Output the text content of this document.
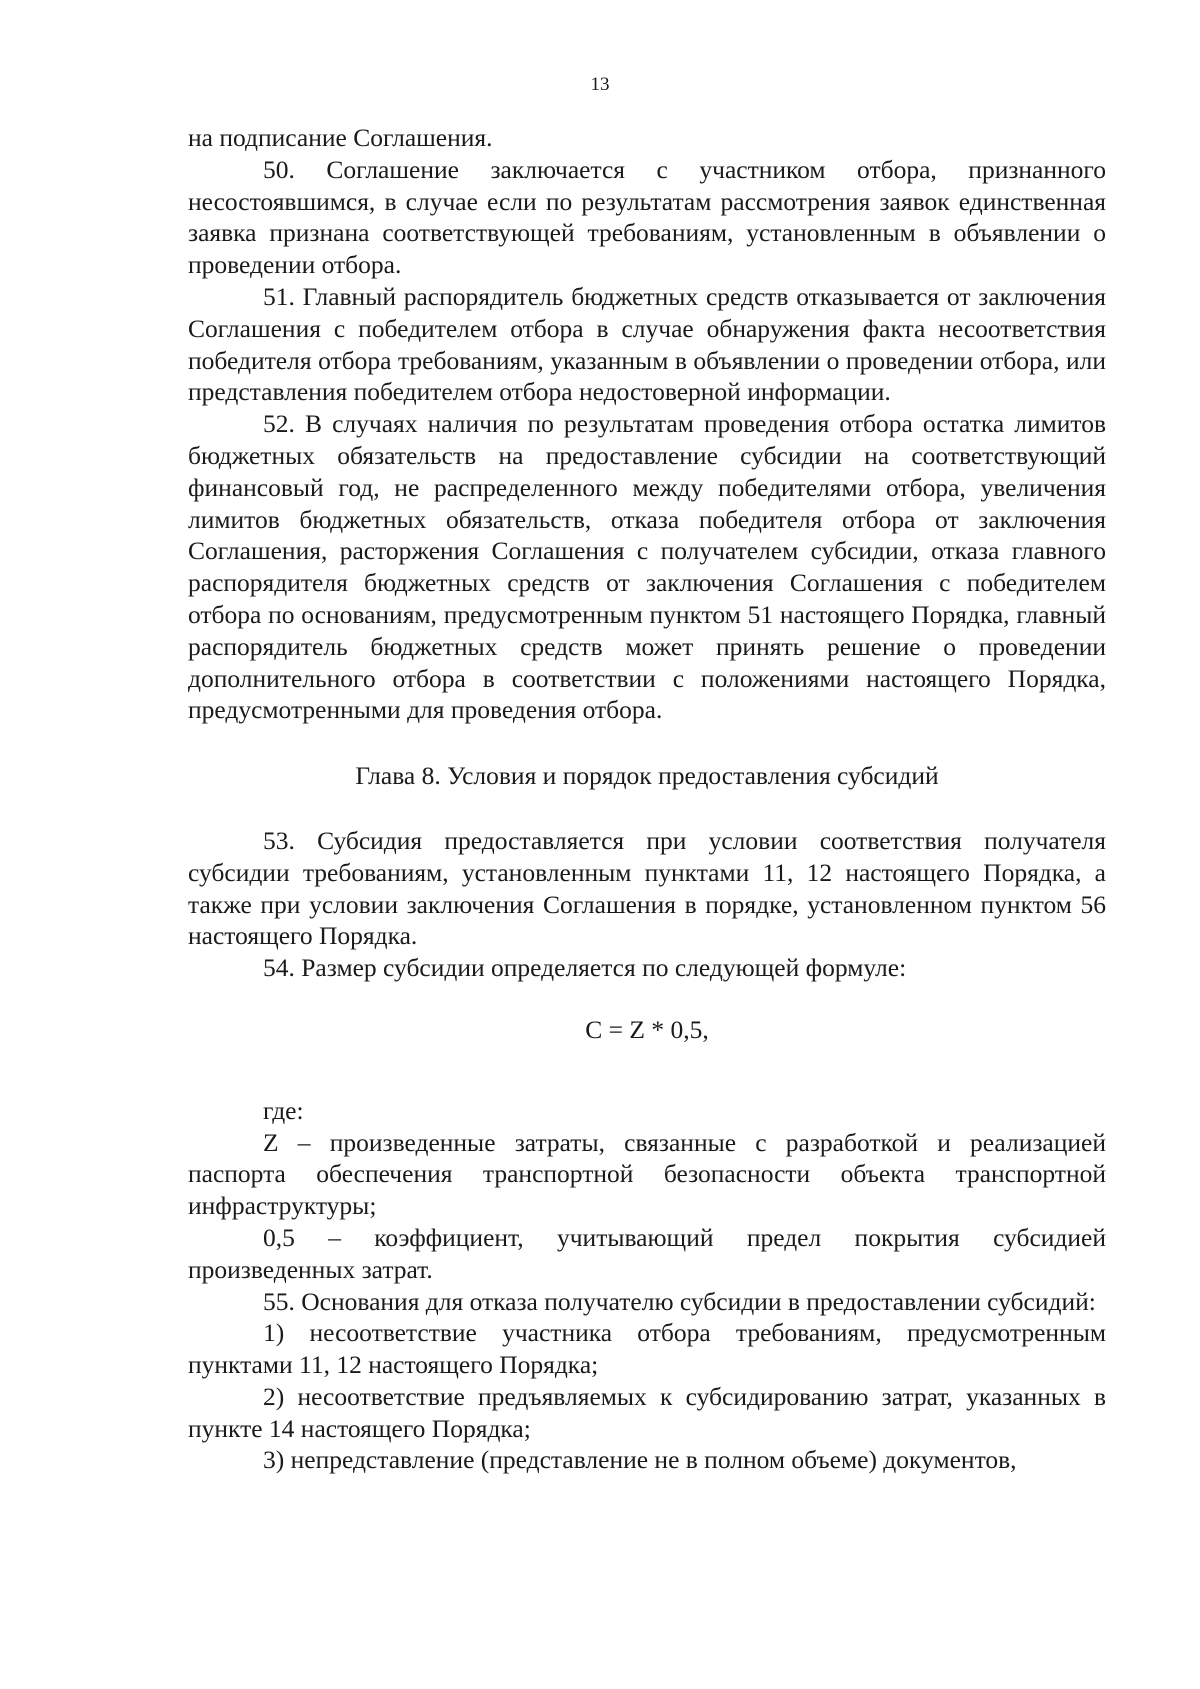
13

на подписание Соглашения.

50. Соглашение заключается с участником отбора, признанного несостоявшимся, в случае если по результатам рассмотрения заявок единственная заявка признана соответствующей требованиям, установленным в объявлении о проведении отбора.

51. Главный распорядитель бюджетных средств отказывается от заключения Соглашения с победителем отбора в случае обнаружения факта несоответствия победителя отбора требованиям, указанным в объявлении о проведении отбора, или представления победителем отбора недостоверной информации.

52. В случаях наличия по результатам проведения отбора остатка лимитов бюджетных обязательств на предоставление субсидии на соответствующий финансовый год, не распределенного между победителями отбора, увеличения лимитов бюджетных обязательств, отказа победителя отбора от заключения Соглашения, расторжения Соглашения с получателем субсидии, отказа главного распорядителя бюджетных средств от заключения Соглашения с победителем отбора по основаниям, предусмотренным пунктом 51 настоящего Порядка, главный распорядитель бюджетных средств может принять решение о проведении дополнительного отбора в соответствии с положениями настоящего Порядка, предусмотренными для проведения отбора.

Глава 8. Условия и порядок предоставления субсидий

53. Субсидия предоставляется при условии соответствия получателя субсидии требованиям, установленным пунктами 11, 12 настоящего Порядка, а также при условии заключения Соглашения в порядке, установленном пунктом 56 настоящего Порядка.

54. Размер субсидии определяется по следующей формуле:

C = Z * 0,5,

где:

Z – произведенные затраты, связанные с разработкой и реализацией паспорта обеспечения транспортной безопасности объекта транспортной инфраструктуры;

0,5 – коэффициент, учитывающий предел покрытия субсидией произведенных затрат.

55. Основания для отказа получателю субсидии в предоставлении субсидий:

1) несоответствие участника отбора требованиям, предусмотренным пунктами 11, 12 настоящего Порядка;

2) несоответствие предъявляемых к субсидированию затрат, указанных в пункте 14 настоящего Порядка;

3) непредставление (представление не в полном объеме) документов,
